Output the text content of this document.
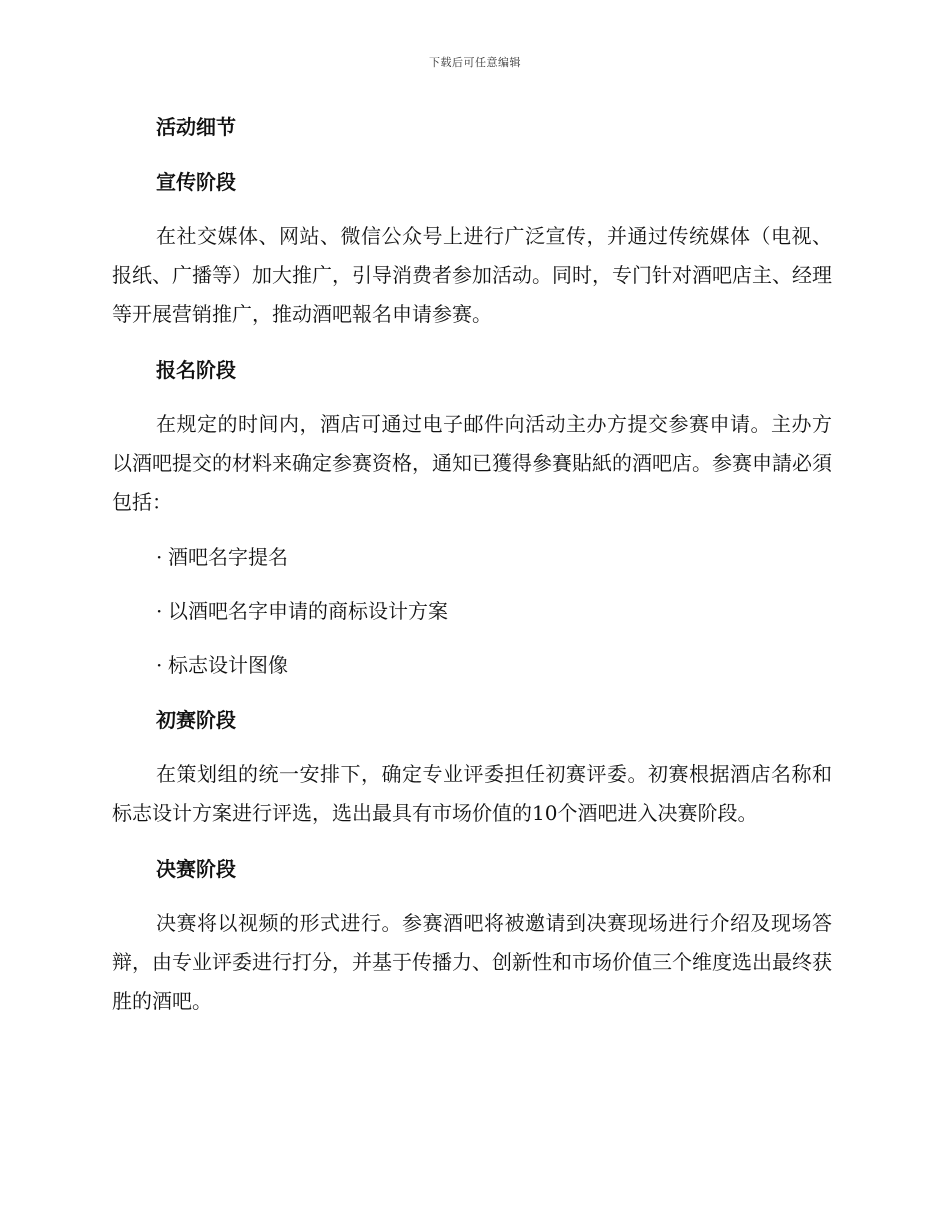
下载后可任意编辑
活动细节
宣传阶段

在社交媒体、网站、微信公众号上进行广泛宣传，并通过传统媒体（电视、报纸、广播等）加大推广，引导消费者参加活动。同时，专门针对酒吧店主、经理等开展营销推广，推动酒吧報名申请参赛。

报名阶段

在规定的时间内，酒店可通过电子邮件向活动主办方提交参赛申请。主办方以酒吧提交的材料来确定参赛资格，通知已獲得參賽貼紙的酒吧店。参赛申請必須包括：

· 酒吧名字提名
· 以酒吧名字申请的商标设计方案
· 标志设计图像
初赛阶段

在策划组的统一安排下，确定专业评委担任初赛评委。初赛根据酒店名称和标志设计方案进行评选，选出最具有市场价值的10个酒吧进入决赛阶段。

决赛阶段

决赛将以视频的形式进行。参赛酒吧将被邀请到决赛现场进行介绍及现场答辩，由专业评委进行打分，并基于传播力、创新性和市场价值三个维度选出最终获胜的酒吧。
